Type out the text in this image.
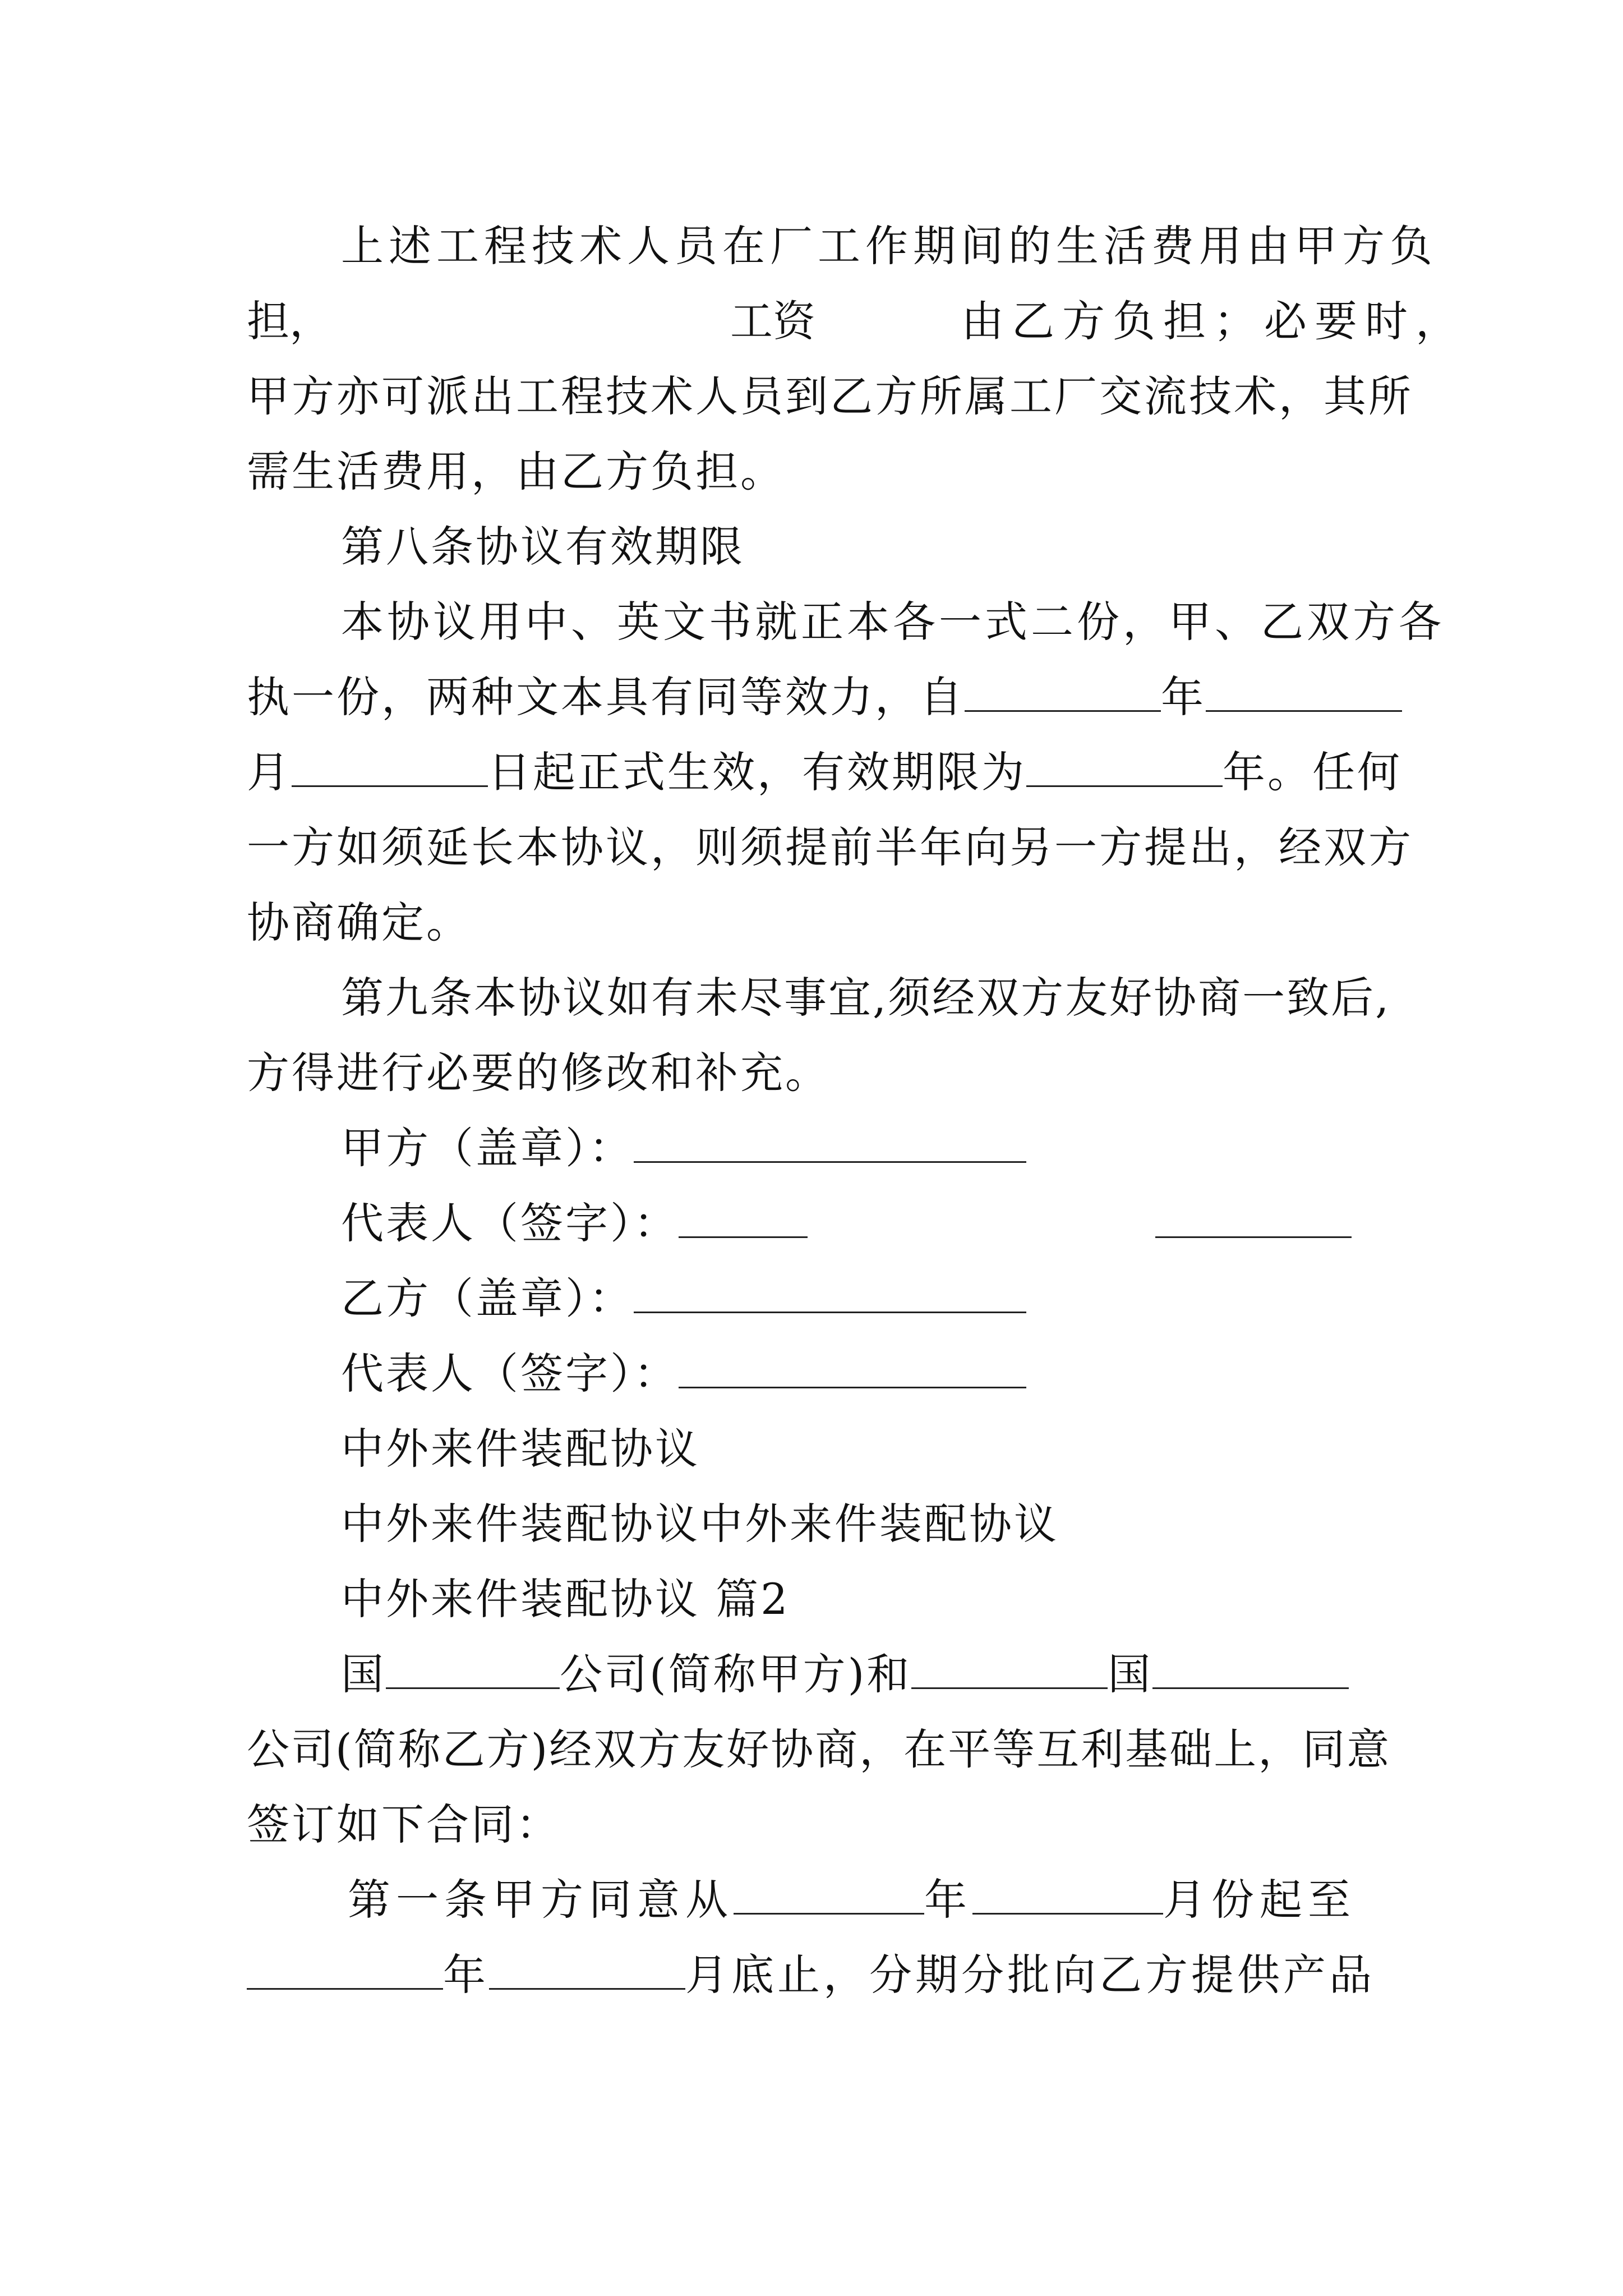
上述工程技术人员在厂工作期间的生活费用由甲方负
担，	工资	由乙方负担；必要时，
甲方亦可派出工程技术人员到乙方所属工厂交流技术，其所
需生活费用，由乙方负担。
第八条协议有效期限
本协议用中、英文书就正本各一式二份，甲、乙双方各
执一份，两种文本具有同等效力，自	年
月	日起正式生效，有效期限为	年。任何
一方如须延长本协议，则须提前半年向另一方提出，经双方
协商确定。
第九条本协议如有未尽事宜,须经双方友好协商一致后,
方得进行必要的修改和补充。
甲方（盖章）：
代表人（签字）：
乙方（盖章）：
代表人（签字）：
中外来件装配协议
中外来件装配协议中外来件装配协议
中外来件装配协议 篇2
国	公司(简称甲方)和	国
公司(简称乙方)经双方友好协商，在平等互利基础上，同意
签订如下合同：
第一条甲方同意从	年	月份起至
年	月底止，分期分批向乙方提供产品
